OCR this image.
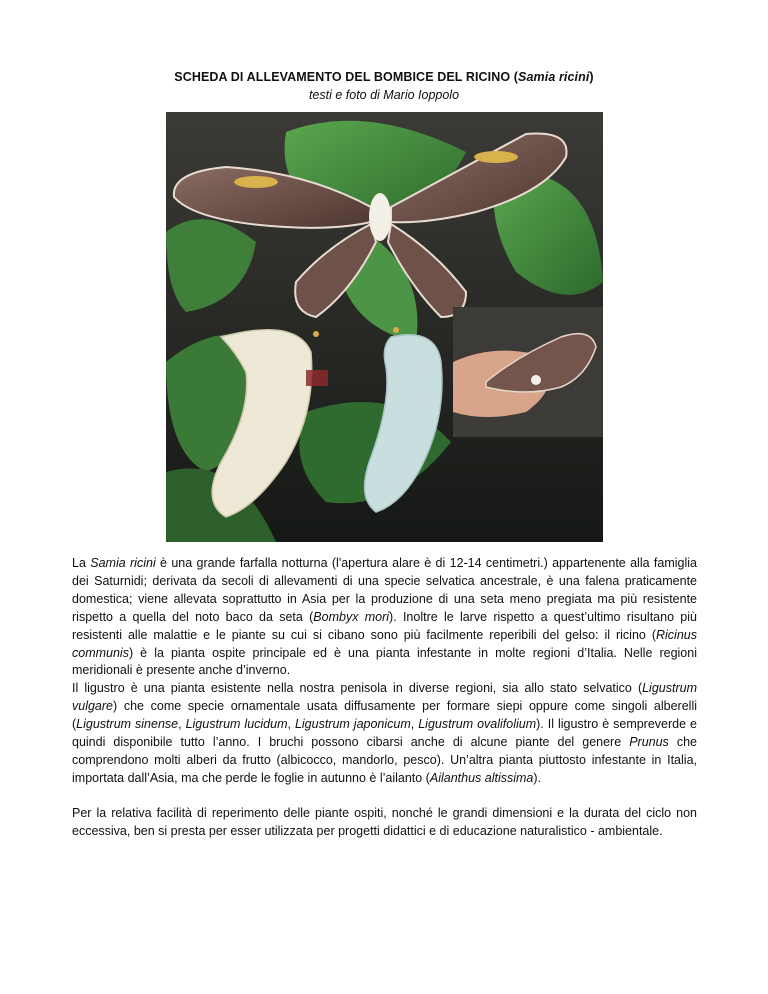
SCHEDA DI ALLEVAMENTO DEL BOMBICE DEL RICINO (Samia ricini)
testi e foto di Mario Ioppolo

La Samia ricini è una grande farfalla notturna (l'apertura alare è di 12-14 centimetri.) appartenente alla famiglia dei Saturnidi; derivata da secoli di allevamenti di una specie selvatica ancestrale, è una falena praticamente domestica; viene allevata soprattutto in Asia per la produzione di una seta meno pregiata ma più resistente rispetto a quella del noto baco da seta (Bombyx mori). Inoltre le larve rispetto a quest’ultimo risultano più resistenti alle malattie e le piante su cui si cibano sono più facilmente reperibili del gelso: il ricino (Ricinus communis) è la pianta ospite principale ed è una pianta infestante in molte regioni d’Italia. Nelle regioni meridionali è presente anche d’inverno.

Il ligustro è una pianta esistente nella nostra penisola in diverse regioni, sia allo stato selvatico (Ligustrum vulgare) che come specie ornamentale usata diffusamente per formare siepi oppure come singoli alberelli (Ligustrum sinense, Ligustrum lucidum, Ligustrum japonicum, Ligustrum ovalifolium). Il ligustro è sempreverde e quindi disponibile tutto l’anno. I bruchi possono cibarsi anche di alcune piante del genere Prunus che comprendono molti alberi da frutto (albicocco, mandorlo, pesco). Un’altra pianta piuttosto infestante in Italia, importata dall’Asia, ma che perde le foglie in autunno è l’ailanto (Ailanthus altissima).

Per la relativa facilità di reperimento delle piante ospiti, nonché le grandi dimensioni e la durata del ciclo non eccessiva, ben si presta per esser utilizzata per progetti didattici e di educazione naturalistico - ambientale.
